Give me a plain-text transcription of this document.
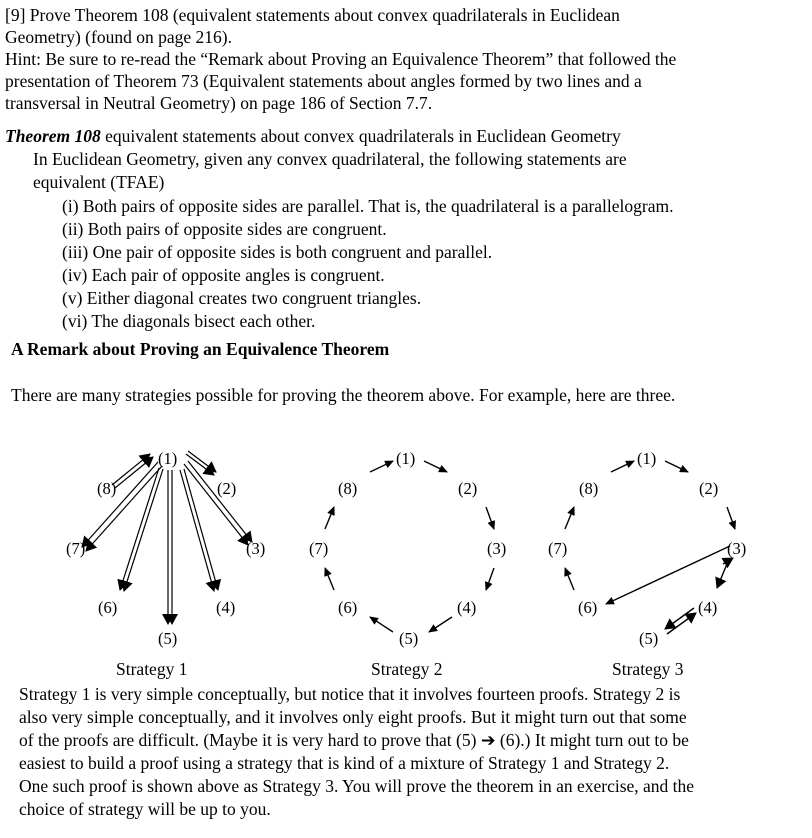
[9] Prove Theorem 108 (equivalent statements about convex quadrilaterals in Euclidean
Geometry) (found on page 216).
Hint: Be sure to re-read the “Remark about Proving an Equivalence Theorem” that followed the
presentation of Theorem 73 (Equivalent statements about angles formed by two lines and a
transversal in Neutral Geometry) on page 186 of Section 7.7.
Theorem 108 equivalent statements about convex quadrilaterals in Euclidean Geometry
In Euclidean Geometry, given any convex quadrilateral, the following statements are
equivalent (TFAE)
(i) Both pairs of opposite sides are parallel. That is, the quadrilateral is a parallelogram.
(ii) Both pairs of opposite sides are congruent.
(iii) One pair of opposite sides is both congruent and parallel.
(iv) Each pair of opposite angles is congruent.
(v) Either diagonal creates two congruent triangles.
(vi) The diagonals bisect each other.
A Remark about Proving an Equivalence Theorem
There are many strategies possible for proving the theorem above. For example, here are three.
(1)
(2)
(3)
(4)
(5)
(6)
(7)
(8)
Strategy 1
(1)
(2)
(3)
(4)
(5)
(6)
(7)
(8)
Strategy 2
(1)
(2)
(3)
(4)
(5)
(6)
(7)
(8)
Strategy 3
Strategy 1 is very simple conceptually, but notice that it involves fourteen proofs. Strategy 2 is
also very simple conceptually, and it involves only eight proofs. But it might turn out that some
of the proofs are difficult. (Maybe it is very hard to prove that (5) ➔ (6).) It might turn out to be
easiest to build a proof using a strategy that is kind of a mixture of Strategy 1 and Strategy 2.
One such proof is shown above as Strategy 3. You will prove the theorem in an exercise, and the
choice of strategy will be up to you.
